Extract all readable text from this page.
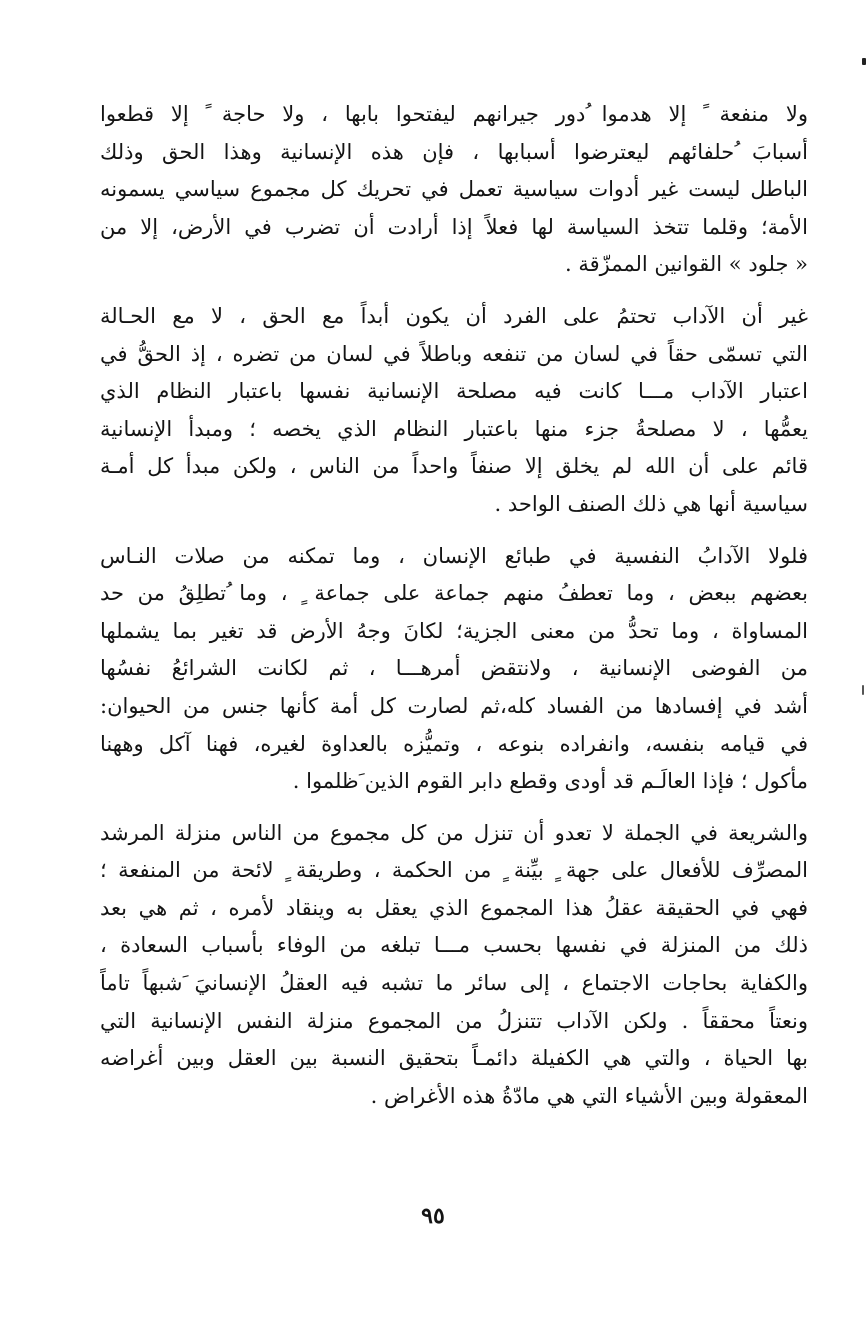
ولا منفعة ً إلا هدموا ُدور جيرانهم ليفتحوا بابها ، ولا حاجة ً إلا قطعوا
أسبابَ ُحلفائهم ليعترضوا أسبابها ، فإن هذه الإنسانية وهذا الحق وذلك
الباطل ليست غير أدوات سياسية تعمل في تحريك كل مجموع سياسي يسمونه
الأمة؛ وقلما تتخذ السياسة لها فعلاً إذا أرادت أن تضرب في الأرض، إلا من
« جلود » القوانين الممزّقة .

غير أن الآداب تحتمُ على الفرد أن يكون أبداً مع الحق ، لا مع الحـالة
التي تسمّى حقاً في لسان من تنفعه وباطلاً في لسان من تضره ، إذ الحقُّ في
اعتبار الآداب مـــا كانت فيه مصلحة الإنسانية نفسها باعتبار النظام الذي
يعمُّها ، لا مصلحةُ جزء منها باعتبار النظام الذي يخصه ؛ ومبدأ الإنسانية
قائم على أن الله لم يخلق إلا صنفاً واحداً من الناس ، ولكن مبدأ كل أمـة
سياسية أنها هي ذلك الصنف الواحد .

فلولا الآدابُ النفسية في طبائع الإنسان ، وما تمكنه من صلات النـاس
بعضهم ببعض ، وما تعطفُ منهم جماعة على جماعة ٍ ، وما ُتطلِقُ من حد
المساواة ، وما تحدُّ من معنى الجزية؛ لكانَ وجهُ الأرض قد تغير بما يشملها
من الفوضى الإنسانية ، ولانتقض أمرهـــا ، ثم لكانت الشرائعُ نفسُها
أشد في إفسادها من الفساد كله،ثم لصارت كل أمة كأنها جنس من الحيوان:
في قيامه بنفسه، وانفراده بنوعه ، وتميُّزه بالعداوة لغيره، فهنا آكل وههنا
مأكول ؛ فإذا العالَـم قد أودى وقطع دابر القوم الذين َظلموا .

والشريعة في الجملة لا تعدو أن تنزل من كل مجموع من الناس منزلة المرشد
المصرِّف للأفعال على جهة ٍ بيِّنة ٍ من الحكمة ، وطريقة ٍ لائحة من المنفعة ؛
فهي في الحقيقة عقلُ هذا المجموع الذي يعقل به وينقاد لأمره ، ثم هي بعد
ذلك من المنزلة في نفسها بحسب مـــا تبلغه من الوفاء بأسباب السعادة ،
والكفاية بحاجات الاجتماع ، إلى سائر ما تشبه فيه العقلُ الإنسانيَ َشبهاً تاماً
ونعتاً محققاً . ولكن الآداب تتنزلُ من المجموع منزلة النفس الإنسانية التي
بها الحياة ، والتي هي الكفيلة دائمـاً بتحقيق النسبة بين العقل وبين أغراضه
المعقولة وبين الأشياء التي هي مادّةُ هذه الأغراض .

٩٥
